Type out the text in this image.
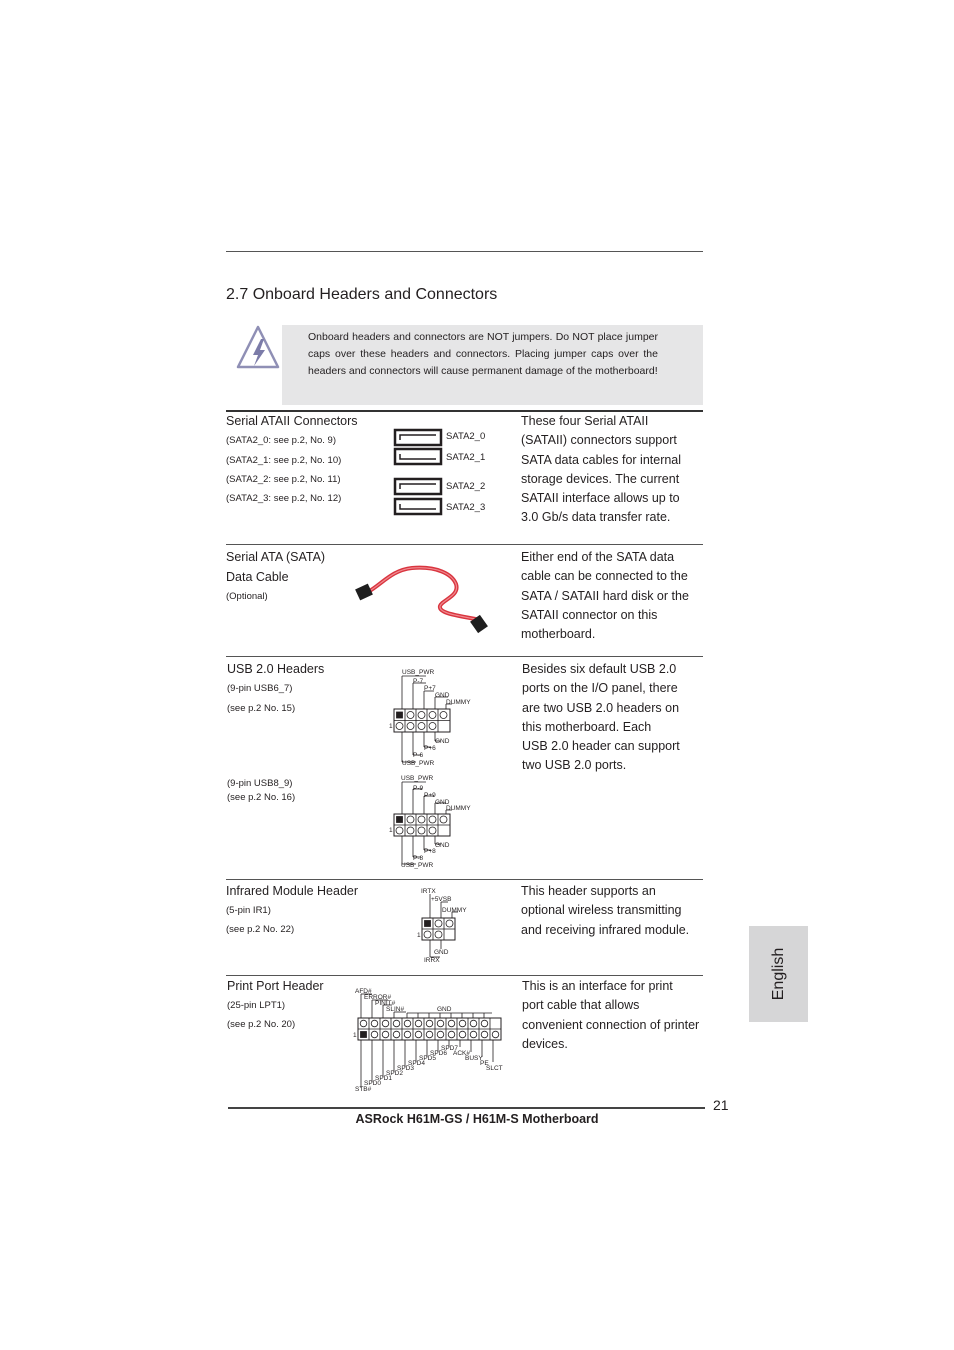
2.7 Onboard Headers and Connectors
Onboard headers and connectors are NOT jumpers. Do NOT place jumper caps over these headers and connectors. Placing jumper caps over the headers and connectors will cause permanent damage of the motherboard!
Serial ATAII Connectors
(SATA2_0: see p.2, No. 9)
(SATA2_1: see p.2, No. 10)
(SATA2_2: see p.2, No. 11)
(SATA2_3: see p.2, No. 12)
SATA2_0
SATA2_1
SATA2_2
SATA2_3
These four Serial ATAII
(SATAII) connectors support
SATA data cables for internal
storage devices. The current
SATAII interface allows up to
3.0 Gb/s data transfer rate.
Serial ATA (SATA)
Data Cable
(Optional)
Either end of the SATA data
cable can be connected to the
SATA / SATAII hard disk or the
SATAII connector on this
motherboard.
USB 2.0 Headers
(9-pin USB6_7)
(see p.2 No. 15)
(9-pin USB8_9)
(see p.2 No. 16)
USB_PWR
P-7
P+7
GND
DUMMY
GND
P+6
P-6
USB_PWR
1
USB_PWR
P-9
P+9
GND
DUMMY
GND
P+8
P-8
USB_PWR
1
Besides six default USB 2.0
ports on the I/O panel, there
are two USB 2.0 headers on
this motherboard. Each
USB 2.0 header can support
two USB 2.0 ports.
Infrared Module Header
(5-pin IR1)
(see p.2 No. 22)
IRTX
+5VSB
DUMMY
GND
IRRX
1
This header supports an
optional wireless transmitting
and receiving infrared module.
Print Port Header
(25-pin LPT1)
(see p.2 No. 20)
AFD#
ERROR#
PINIT#
SLIN#	GND
STB#
SPD0
SPD1
SPD2
SPD3
SPD4
SPD5
SPD6
SPD7
ACK#
BUSY
PE
SLCT
1
This is an interface for print
port cable that allows
convenient connection of printer
devices.
English
21
ASRock H61M-GS / H61M-S Motherboard
